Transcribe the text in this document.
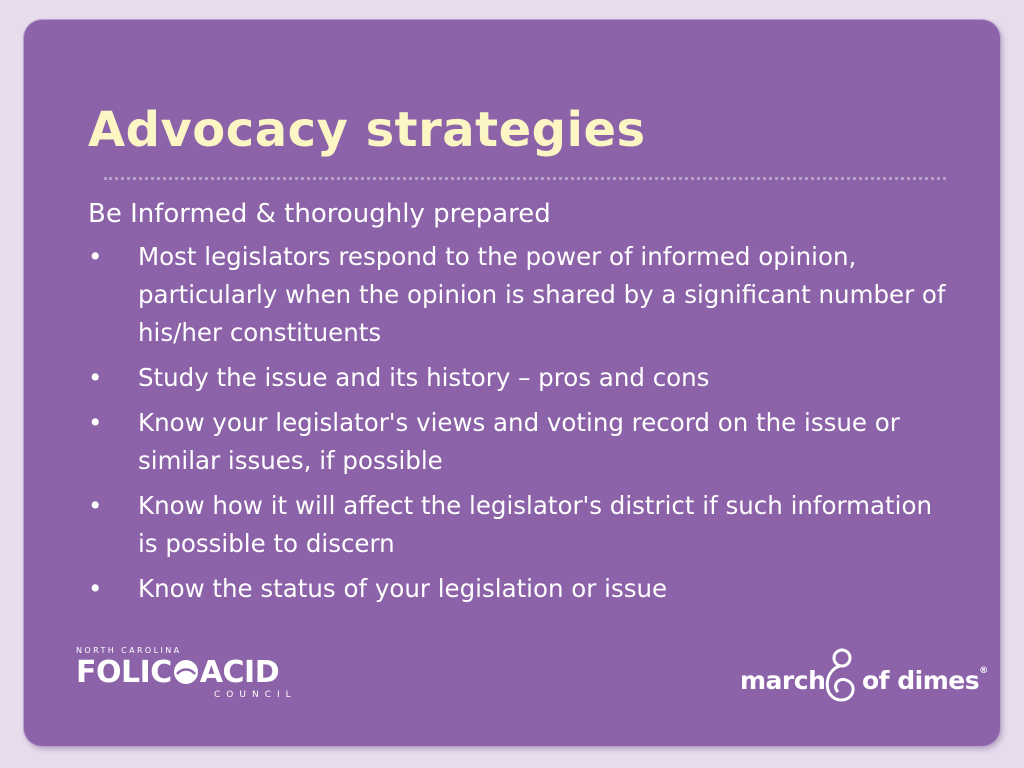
Advocacy strategies

Be Informed & thoroughly prepared

• Most legislators respond to the power of informed opinion, particularly when the opinion is shared by a significant number of his/her constituents
• Study the issue and its history – pros and cons
• Know your legislator's views and voting record on the issue or similar issues, if possible
• Know how it will affect the legislator's district if such information is possible to discern
• Know the status of your legislation or issue
NORTH CAROLINA
FOLIC ACID
COUNCIL	march of dimes®
